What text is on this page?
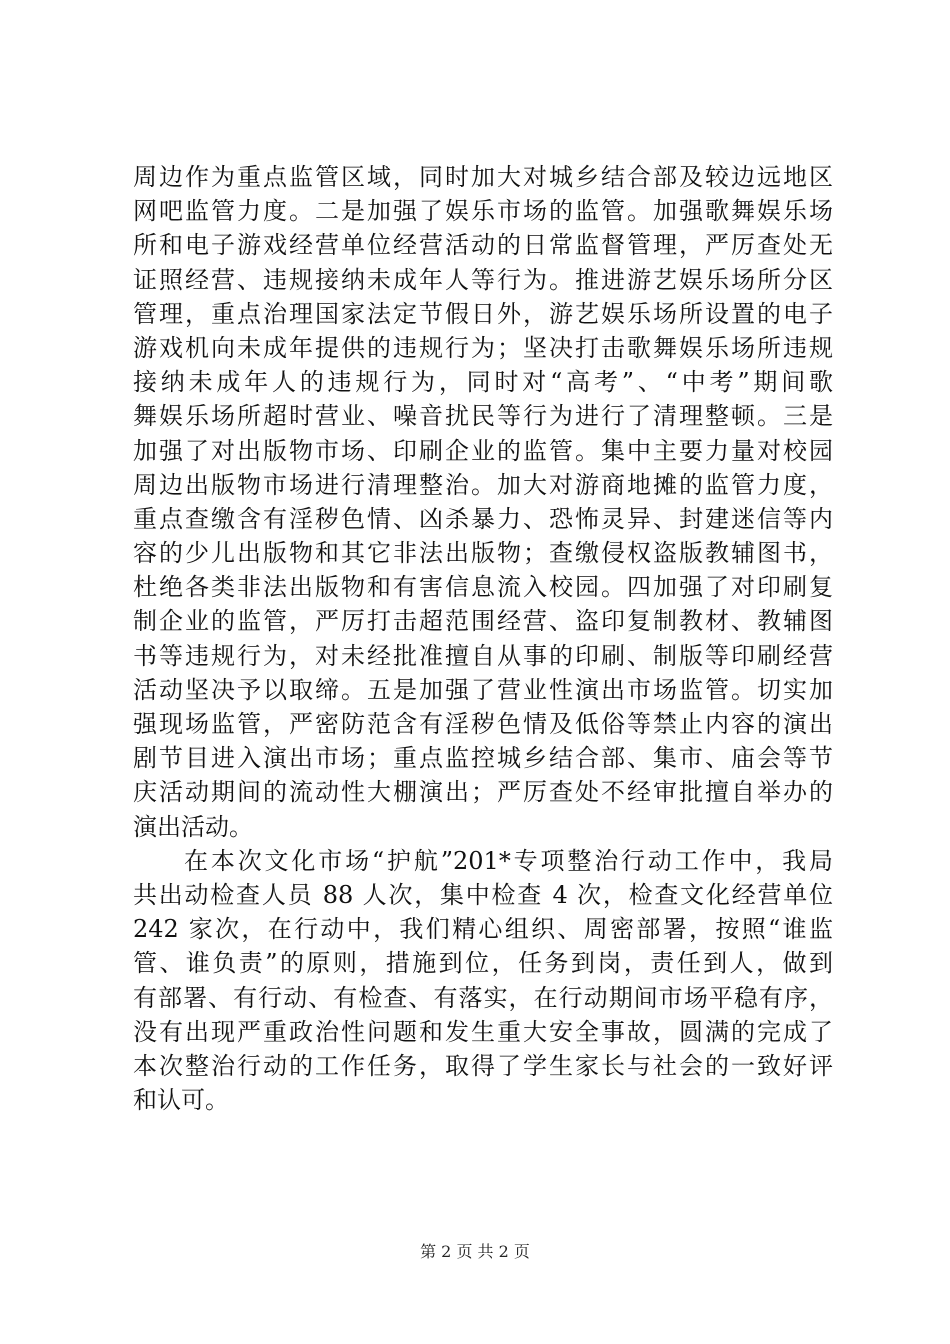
周边作为重点监管区域，同时加大对城乡结合部及较边远地区
网吧监管力度。二是加强了娱乐市场的监管。加强歌舞娱乐场
所和电子游戏经营单位经营活动的日常监督管理，严厉查处无
证照经营、违规接纳未成年人等行为。推进游艺娱乐场所分区
管理，重点治理国家法定节假日外，游艺娱乐场所设置的电子
游戏机向未成年提供的违规行为；坚决打击歌舞娱乐场所违规
接纳未成年人的违规行为，同时对“高考”、“中考”期间歌
舞娱乐场所超时营业、噪音扰民等行为进行了清理整顿。三是
加强了对出版物市场、印刷企业的监管。集中主要力量对校园
周边出版物市场进行清理整治。加大对游商地摊的监管力度，
重点查缴含有淫秽色情、凶杀暴力、恐怖灵异、封建迷信等内
容的少儿出版物和其它非法出版物；查缴侵权盗版教辅图书，
杜绝各类非法出版物和有害信息流入校园。四加强了对印刷复
制企业的监管，严厉打击超范围经营、盗印复制教材、教辅图
书等违规行为，对未经批准擅自从事的印刷、制版等印刷经营
活动坚决予以取缔。五是加强了营业性演出市场监管。切实加
强现场监管，严密防范含有淫秽色情及低俗等禁止内容的演出
剧节目进入演出市场；重点监控城乡结合部、集市、庙会等节
庆活动期间的流动性大棚演出；严厉查处不经审批擅自举办的
演出活动。
在本次文化市场“护航”201*专项整治行动工作中，我局
共出动检查人员 88 人次，集中检查 4 次，检查文化经营单位
242 家次，在行动中，我们精心组织、周密部署，按照“谁监
管、谁负责”的原则，措施到位，任务到岗，责任到人，做到
有部署、有行动、有检查、有落实，在行动期间市场平稳有序，
没有出现严重政治性问题和发生重大安全事故，圆满的完成了
本次整治行动的工作任务，取得了学生家长与社会的一致好评
和认可。
第 2 页 共 2 页
